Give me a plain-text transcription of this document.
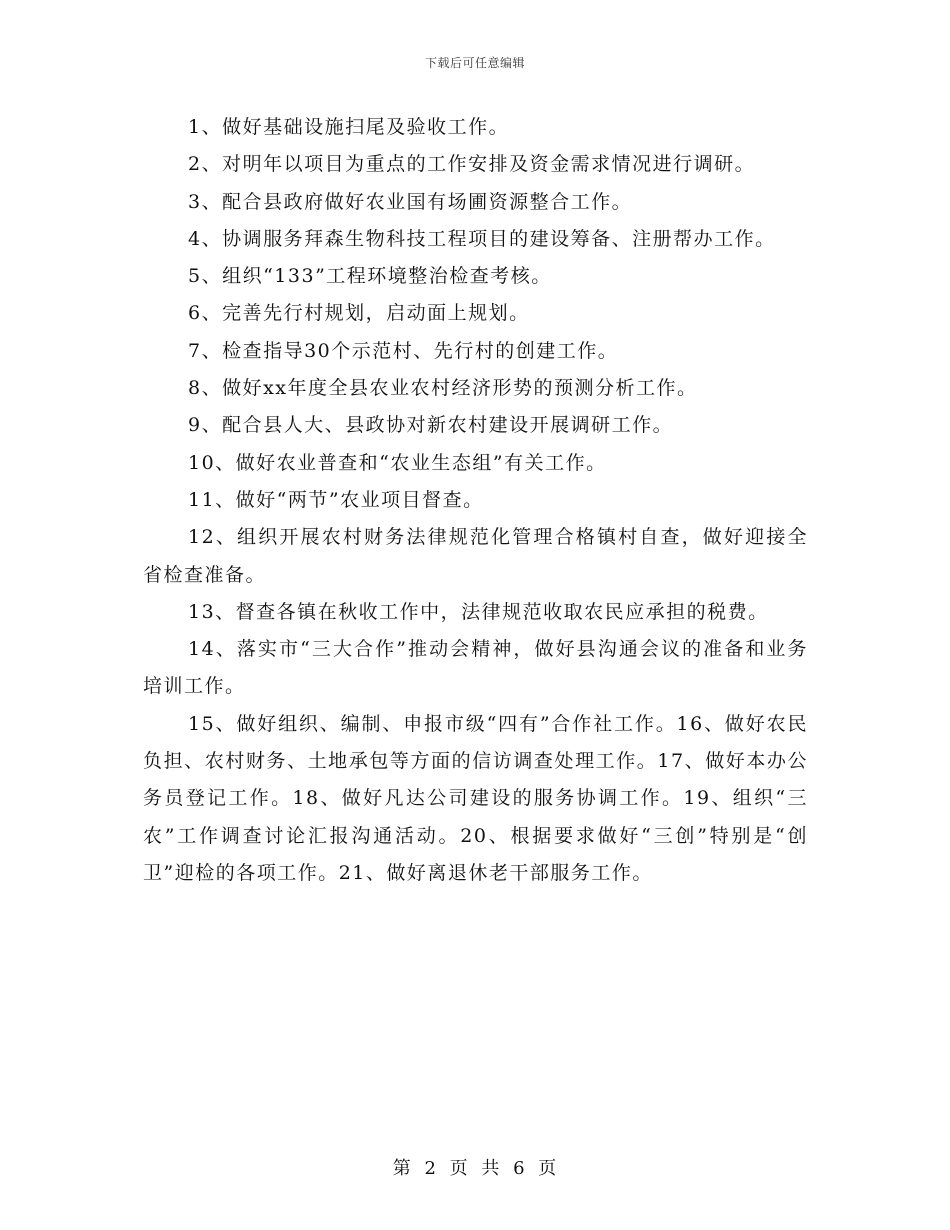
下载后可任意编辑

1、做好基础设施扫尾及验收工作。

2、对明年以项目为重点的工作安排及资金需求情况进行调研。

3、配合县政府做好农业国有场圃资源整合工作。

4、协调服务拜森生物科技工程项目的建设筹备、注册帮办工作。

5、组织“133”工程环境整治检查考核。

6、完善先行村规划，启动面上规划。

7、检查指导30个示范村、先行村的创建工作。

8、做好xx年度全县农业农村经济形势的预测分析工作。

9、配合县人大、县政协对新农村建设开展调研工作。

10、做好农业普查和“农业生态组”有关工作。

11、做好“两节”农业项目督查。

12、组织开展农村财务法律规范化管理合格镇村自查，做好迎接全省检查准备。

13、督查各镇在秋收工作中，法律规范收取农民应承担的税费。

14、落实市“三大合作”推动会精神，做好县沟通会议的准备和业务培训工作。

15、做好组织、编制、申报市级“四有”合作社工作。16、做好农民负担、农村财务、土地承包等方面的信访调查处理工作。17、做好本办公务员登记工作。18、做好凡达公司建设的服务协调工作。19、组织“三农”工作调查讨论汇报沟通活动。20、根据要求做好“三创”特别是“创卫”迎检的各项工作。21、做好离退休老干部服务工作。

第 2 页 共 6 页
